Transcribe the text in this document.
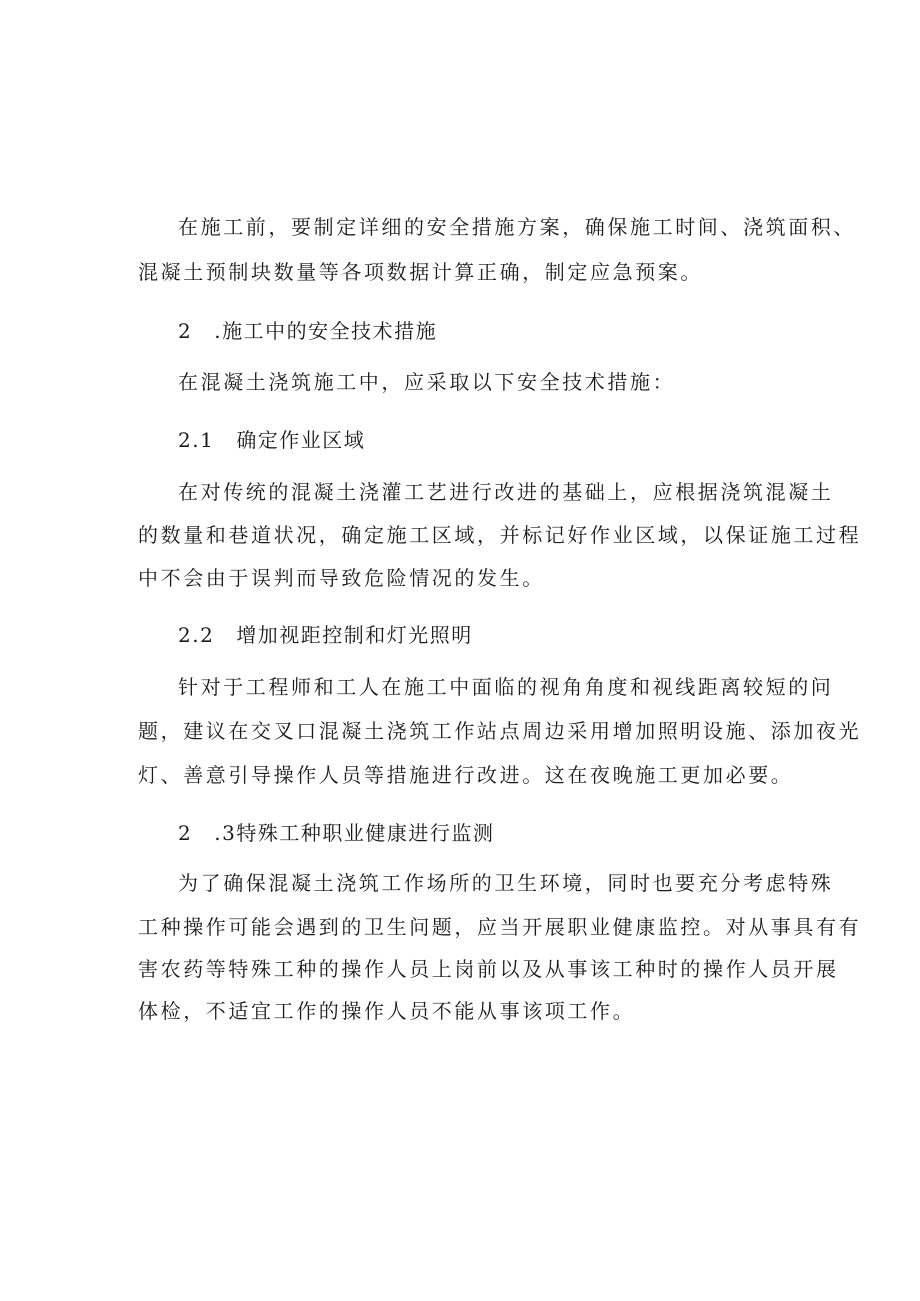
在施工前，要制定详细的安全措施方案，确保施工时间、浇筑面积、
混凝土预制块数量等各项数据计算正确，制定应急预案。
2 .施工中的安全技术措施
在混凝土浇筑施工中，应采取以下安全技术措施：
2.1 确定作业区域
在对传统的混凝土浇灌工艺进行改进的基础上，应根据浇筑混凝土
的数量和巷道状况，确定施工区域，并标记好作业区域，以保证施工过程
中不会由于误判而导致危险情况的发生。
2.2 增加视距控制和灯光照明
针对于工程师和工人在施工中面临的视角角度和视线距离较短的问
题，建议在交叉口混凝土浇筑工作站点周边采用增加照明设施、添加夜光
灯、善意引导操作人员等措施进行改进。这在夜晚施工更加必要。
2 .3特殊工种职业健康进行监测
为了确保混凝土浇筑工作场所的卫生环境，同时也要充分考虑特殊
工种操作可能会遇到的卫生问题，应当开展职业健康监控。对从事具有有
害农药等特殊工种的操作人员上岗前以及从事该工种时的操作人员开展
体检，不适宜工作的操作人员不能从事该项工作。
